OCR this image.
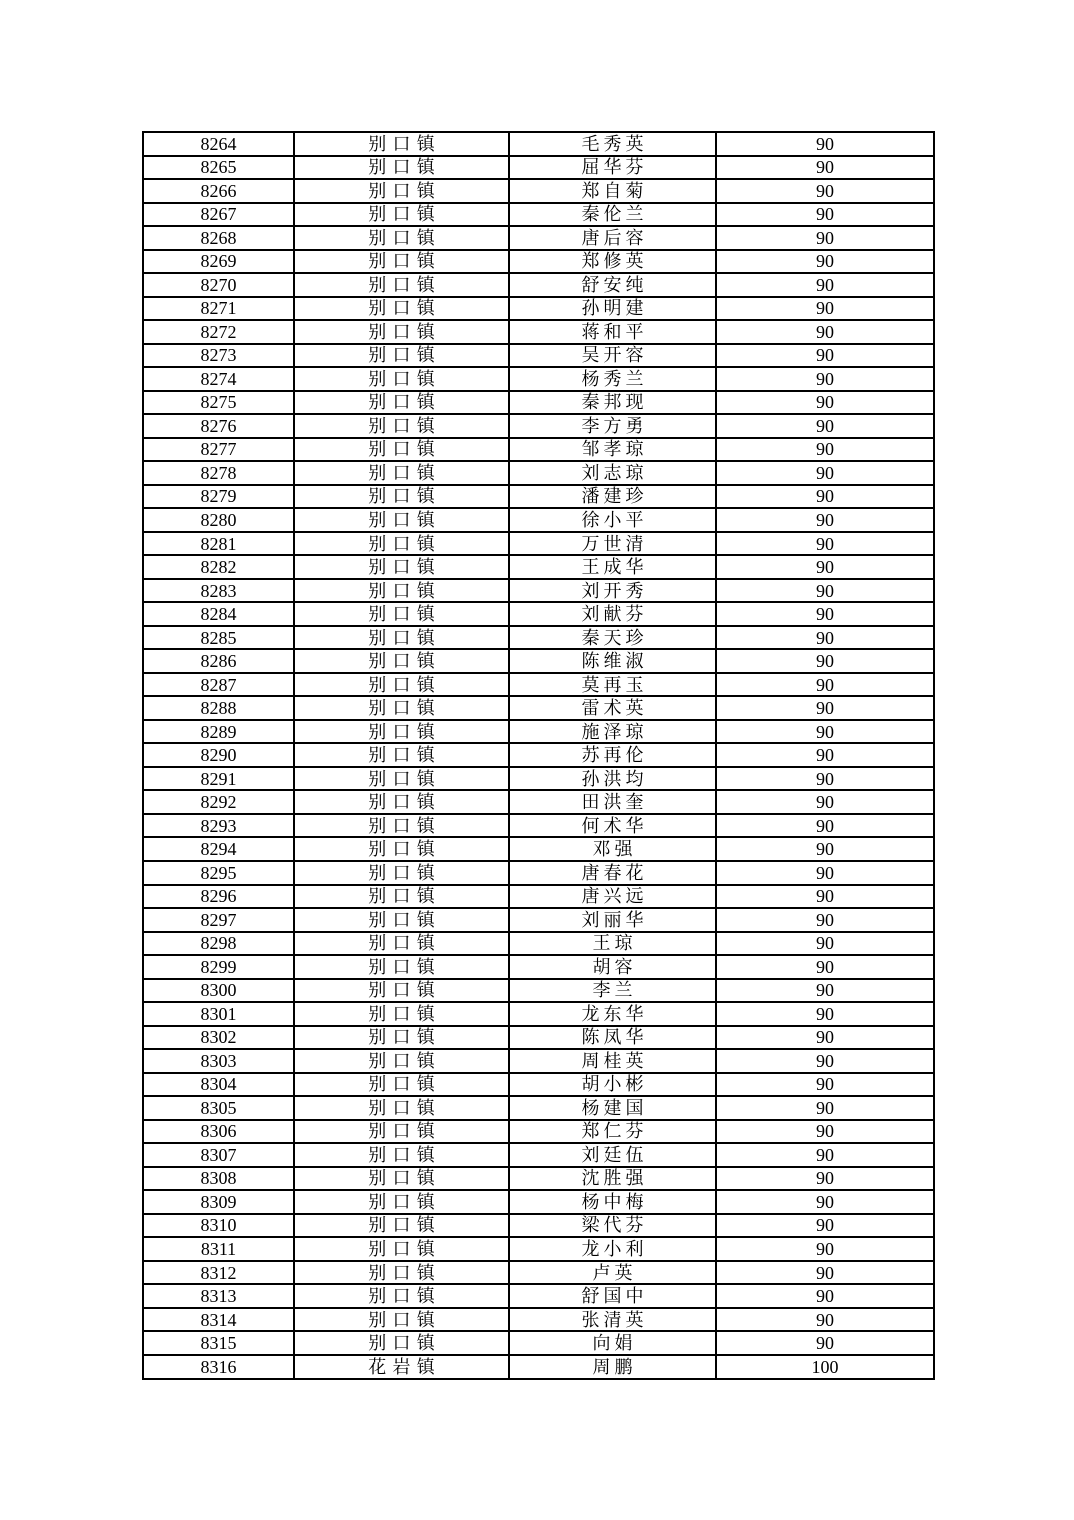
8264	别口镇	毛秀英	90
8265	别口镇	屈华芬	90
8266	别口镇	郑自菊	90
8267	别口镇	秦伦兰	90
8268	别口镇	唐后容	90
8269	别口镇	郑修英	90
8270	别口镇	舒安纯	90
8271	别口镇	孙明建	90
8272	别口镇	蒋和平	90
8273	别口镇	吴开容	90
8274	别口镇	杨秀兰	90
8275	别口镇	秦邦现	90
8276	别口镇	李方勇	90
8277	别口镇	邹孝琼	90
8278	别口镇	刘志琼	90
8279	别口镇	潘建珍	90
8280	别口镇	徐小平	90
8281	别口镇	万世清	90
8282	别口镇	王成华	90
8283	别口镇	刘开秀	90
8284	别口镇	刘献芬	90
8285	别口镇	秦天珍	90
8286	别口镇	陈维淑	90
8287	别口镇	莫再玉	90
8288	别口镇	雷术英	90
8289	别口镇	施泽琼	90
8290	别口镇	苏再伦	90
8291	别口镇	孙洪均	90
8292	别口镇	田洪奎	90
8293	别口镇	何术华	90
8294	别口镇	邓强	90
8295	别口镇	唐春花	90
8296	别口镇	唐兴远	90
8297	别口镇	刘丽华	90
8298	别口镇	王琼	90
8299	别口镇	胡容	90
8300	别口镇	李兰	90
8301	别口镇	龙东华	90
8302	别口镇	陈凤华	90
8303	别口镇	周桂英	90
8304	别口镇	胡小彬	90
8305	别口镇	杨建国	90
8306	别口镇	郑仁芬	90
8307	别口镇	刘廷伍	90
8308	别口镇	沈胜强	90
8309	别口镇	杨中梅	90
8310	别口镇	梁代芬	90
8311	别口镇	龙小利	90
8312	别口镇	卢英	90
8313	别口镇	舒国中	90
8314	别口镇	张清英	90
8315	别口镇	向娟	90
8316	花岩镇	周鹏	100
